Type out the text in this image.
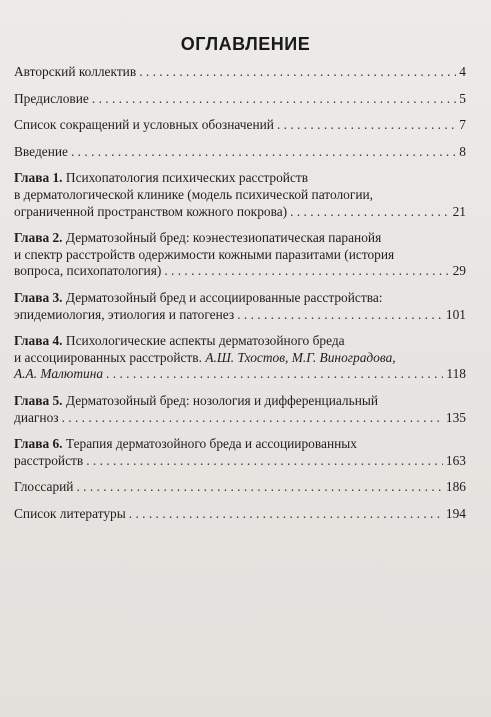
ОГЛАВЛЕНИЕ
Авторский коллектив . . .	4
Предисловие . . .	5
Список сокращений и условных обозначений . . .	7
Введение . . .	8
Глава 1. Психопатология психических расстройств
в дерматологической клинике (модель психической патологии,
ограниченной пространством кожного покрова) . . .	21
Глава 2. Дерматозойный бред: коэнестезиопатическая паранойя
и спектр расстройств одержимости кожными паразитами (история
вопроса, психопатология) . . .	29
Глава 3. Дерматозойный бред и ассоциированные расстройства:
эпидемиология, этиология и патогенез . . .	101
Глава 4. Психологические аспекты дерматозойного бреда
и ассоциированных расстройств. А.Ш. Тхостов, М.Г. Виноградова,
А.А. Малютина . . .	118
Глава 5. Дерматозойный бред: нозология и дифференциальный
диагноз . . .	135
Глава 6. Терапия дерматозойного бреда и ассоциированных
расстройств . . .	163
Глоссарий . . .	186
Список литературы . . .	194
